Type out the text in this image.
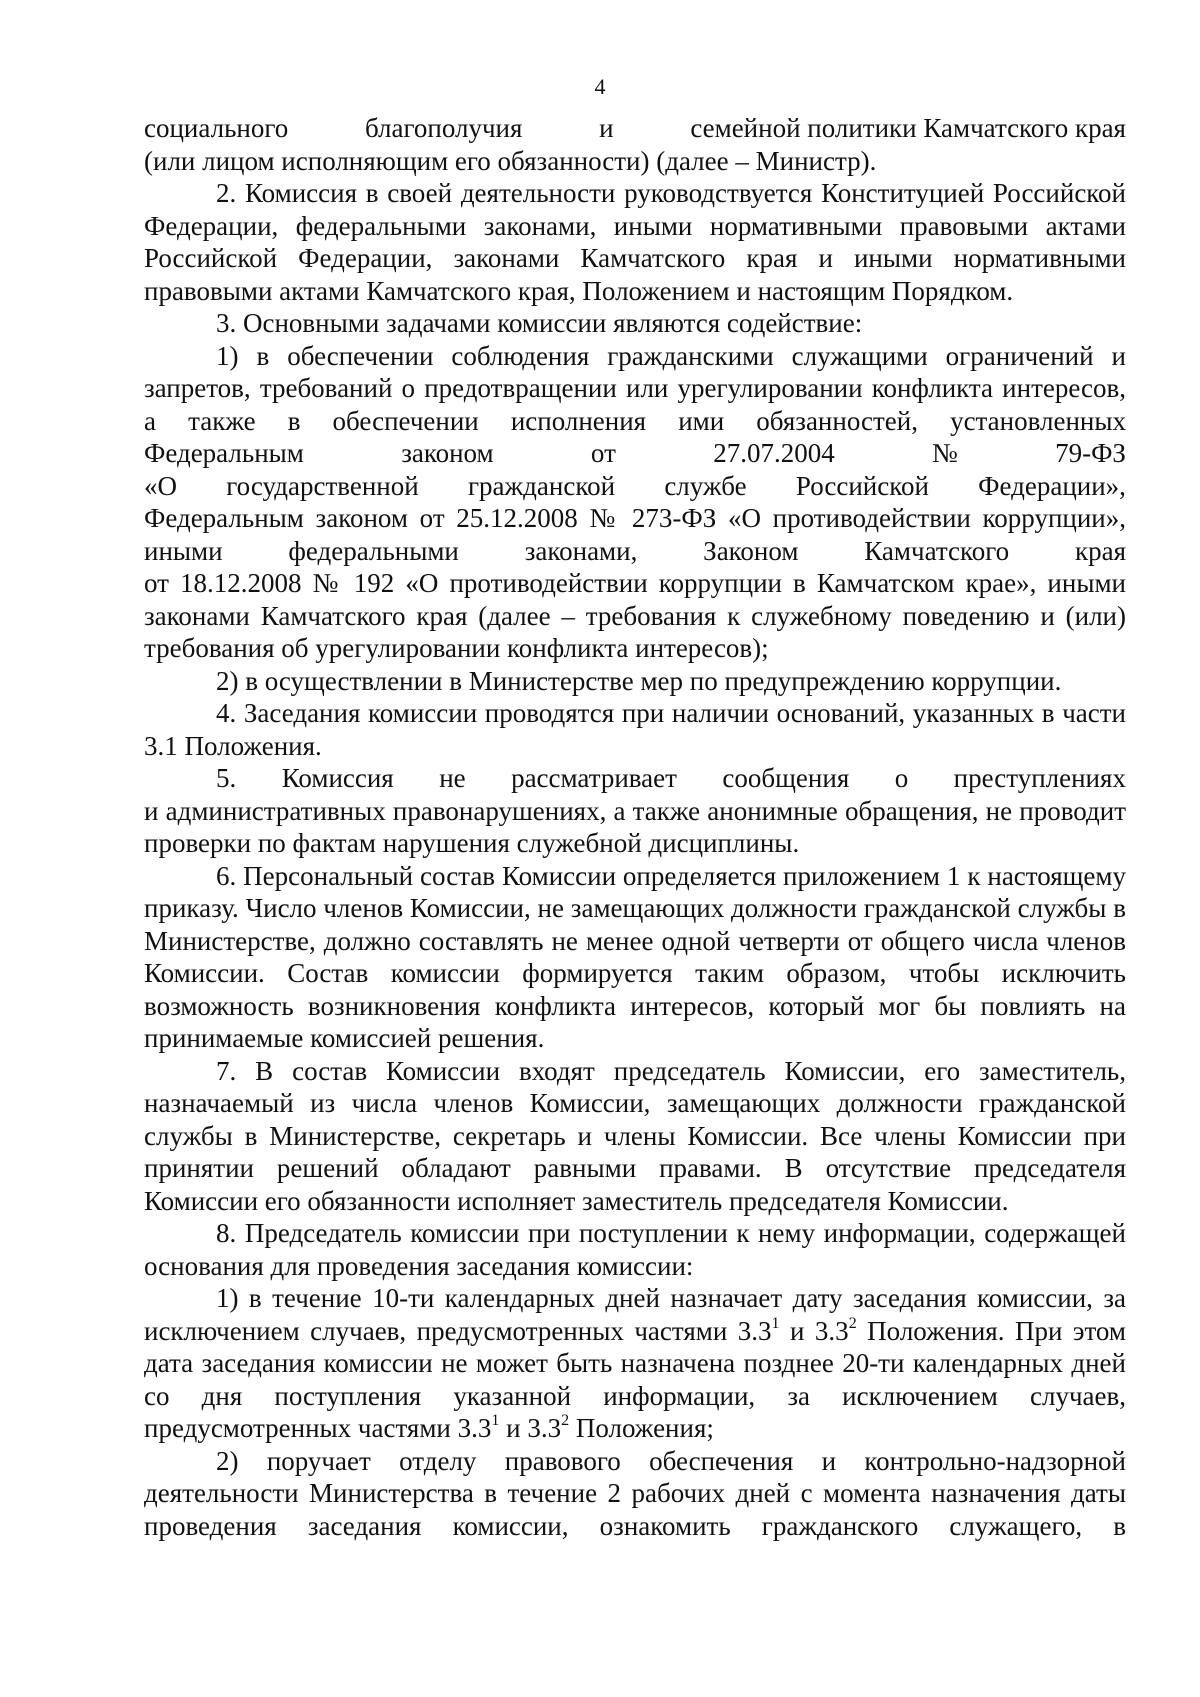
4

социального	благополучия	и	семейной политики Камчатского края

(или лицом исполняющим его обязанности) (далее – Министр).

2. Комиссия в своей деятельности руководствуется Конституцией Российской Федерации, федеральными законами, иными нормативными правовыми актами Российской Федерации, законами Камчатского края и иными нормативными правовыми актами Камчатского края, Положением и настоящим Порядком.

3. Основными задачами комиссии являются содействие:

1) в обеспечении соблюдения гражданскими служащими ограничений и запретов, требований о предотвращении или урегулировании конфликта интересов, а также в обеспечении исполнения ими обязанностей, установленных

Федеральным	законом	от	27.07.2004	№	79-ФЗ

«О государственной гражданской службе Российской Федерации»,

Федеральным законом от 25.12.2008 № 273-ФЗ «О противодействии коррупции»,

иными федеральными законами, Законом Камчатского края

от 18.12.2008 № 192 «О противодействии коррупции в Камчатском крае», иными законами Камчатского края (далее – требования к служебному поведению и (или) требования об урегулировании конфликта интересов);

2) в осуществлении в Министерстве мер по предупреждению коррупции.

4. Заседания комиссии проводятся при наличии оснований, указанных в части 3.1 Положения.

5. Комиссия не рассматривает сообщения о преступлениях

и административных правонарушениях, а также анонимные обращения, не проводит проверки по фактам нарушения служебной дисциплины.

6. Персональный состав Комиссии определяется приложением 1 к настоящему приказу. Число членов Комиссии, не замещающих должности гражданской службы в Министерстве, должно составлять не менее одной четверти от общего числа членов Комиссии. Состав комиссии формируется таким образом, чтобы исключить возможность возникновения конфликта интересов, который мог бы повлиять на принимаемые комиссией решения.

7. В состав Комиссии входят председатель Комиссии, его заместитель, назначаемый из числа членов Комиссии, замещающих должности гражданской службы в Министерстве, секретарь и члены Комиссии. Все члены Комиссии при принятии решений обладают равными правами. В отсутствие председателя Комиссии его обязанности исполняет заместитель председателя Комиссии.

8. Председатель комиссии при поступлении к нему информации, содержащей основания для проведения заседания комиссии:

1) в течение 10-ти календарных дней назначает дату заседания комиссии, за исключением случаев, предусмотренных частями $3.3^1$ и $3.3^2$ Положения. При этом дата заседания комиссии не может быть назначена позднее 20-ти календарных дней со дня поступления указанной информации, за исключением случаев, предусмотренных частями $3.3^1$ и $3.3^2$ Положения;

2) поручает отделу правового обеспечения и контрольно-надзорной деятельности Министерства в течение 2 рабочих дней с момента назначения даты проведения заседания комиссии, ознакомить гражданского служащего, в
